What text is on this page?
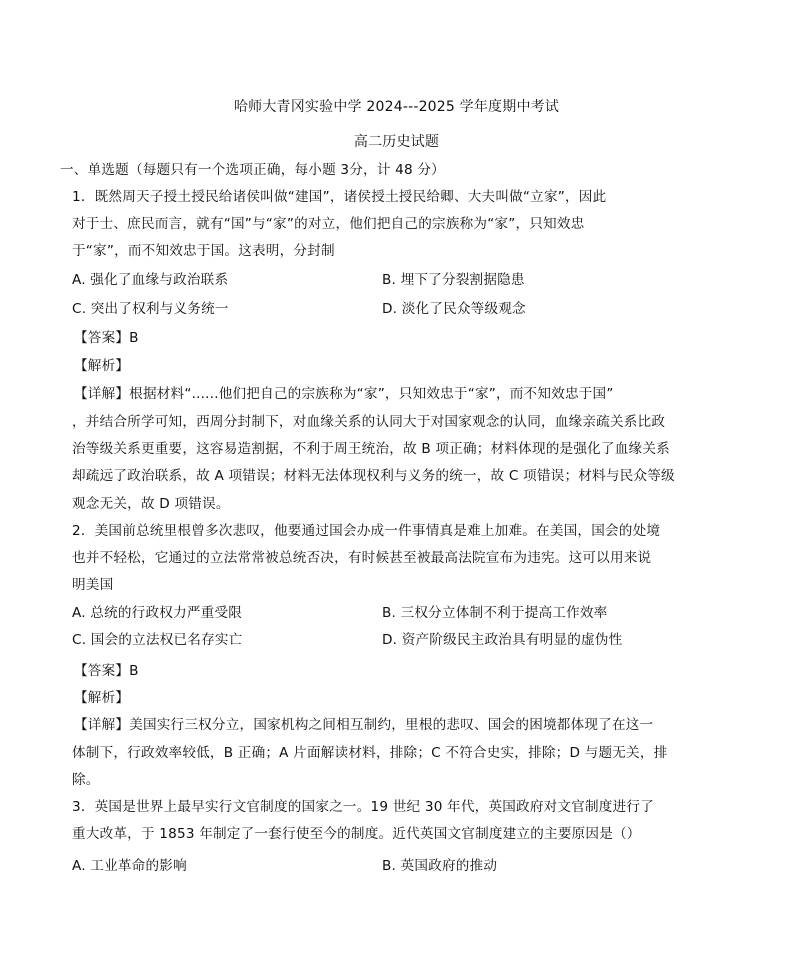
哈师大青冈实验中学 2024---2025 学年度期中考试
高二历史试题
一、单选题（每题只有一个选项正确，每小题 3分，计 48 分）
1．既然周天子授土授民给诸侯叫做“建国”，诸侯授土授民给卿、大夫叫做“立家”，因此
对于士、庶民而言，就有“国”与“家”的对立，他们把自己的宗族称为“家”，只知效忠
于“家”，而不知效忠于国。这表明，分封制
A. 强化了血缘与政治联系	B. 埋下了分裂割据隐患
C. 突出了权利与义务统一	D. 淡化了民众等级观念
【答案】B
【解析】
【详解】根据材料“......他们把自己的宗族称为“家”，只知效忠于“家”，而不知效忠于国”
，并结合所学可知，西周分封制下，对血缘关系的认同大于对国家观念的认同，血缘亲疏关系比政
治等级关系更重要，这容易造割据，不利于周王统治，故 B 项正确；材料体现的是强化了血缘关系
却疏远了政治联系，故 A 项错误；材料无法体现权利与义务的统一，故 C 项错误；材料与民众等级
观念无关，故 D 项错误。
2．美国前总统里根曾多次悲叹，他要通过国会办成一件事情真是难上加难。在美国，国会的处境
也并不轻松，它通过的立法常常被总统否决，有时候甚至被最高法院宣布为违宪。这可以用来说
明美国
A. 总统的行政权力严重受限	B. 三权分立体制不利于提高工作效率
C. 国会的立法权已名存实亡	D. 资产阶级民主政治具有明显的虚伪性
【答案】B
【解析】
【详解】美国实行三权分立，国家机构之间相互制约，里根的悲叹、国会的困境都体现了在这一
体制下，行政效率较低，B 正确；A 片面解读材料，排除；C 不符合史实，排除；D 与题无关，排
除。
3．英国是世界上最早实行文官制度的国家之一。19 世纪 30 年代，英国政府对文官制度进行了
重大改革，于 1853 年制定了一套行使至今的制度。近代英国文官制度建立的主要原因是（）
A. 工业革命的影响	B. 英国政府的推动
